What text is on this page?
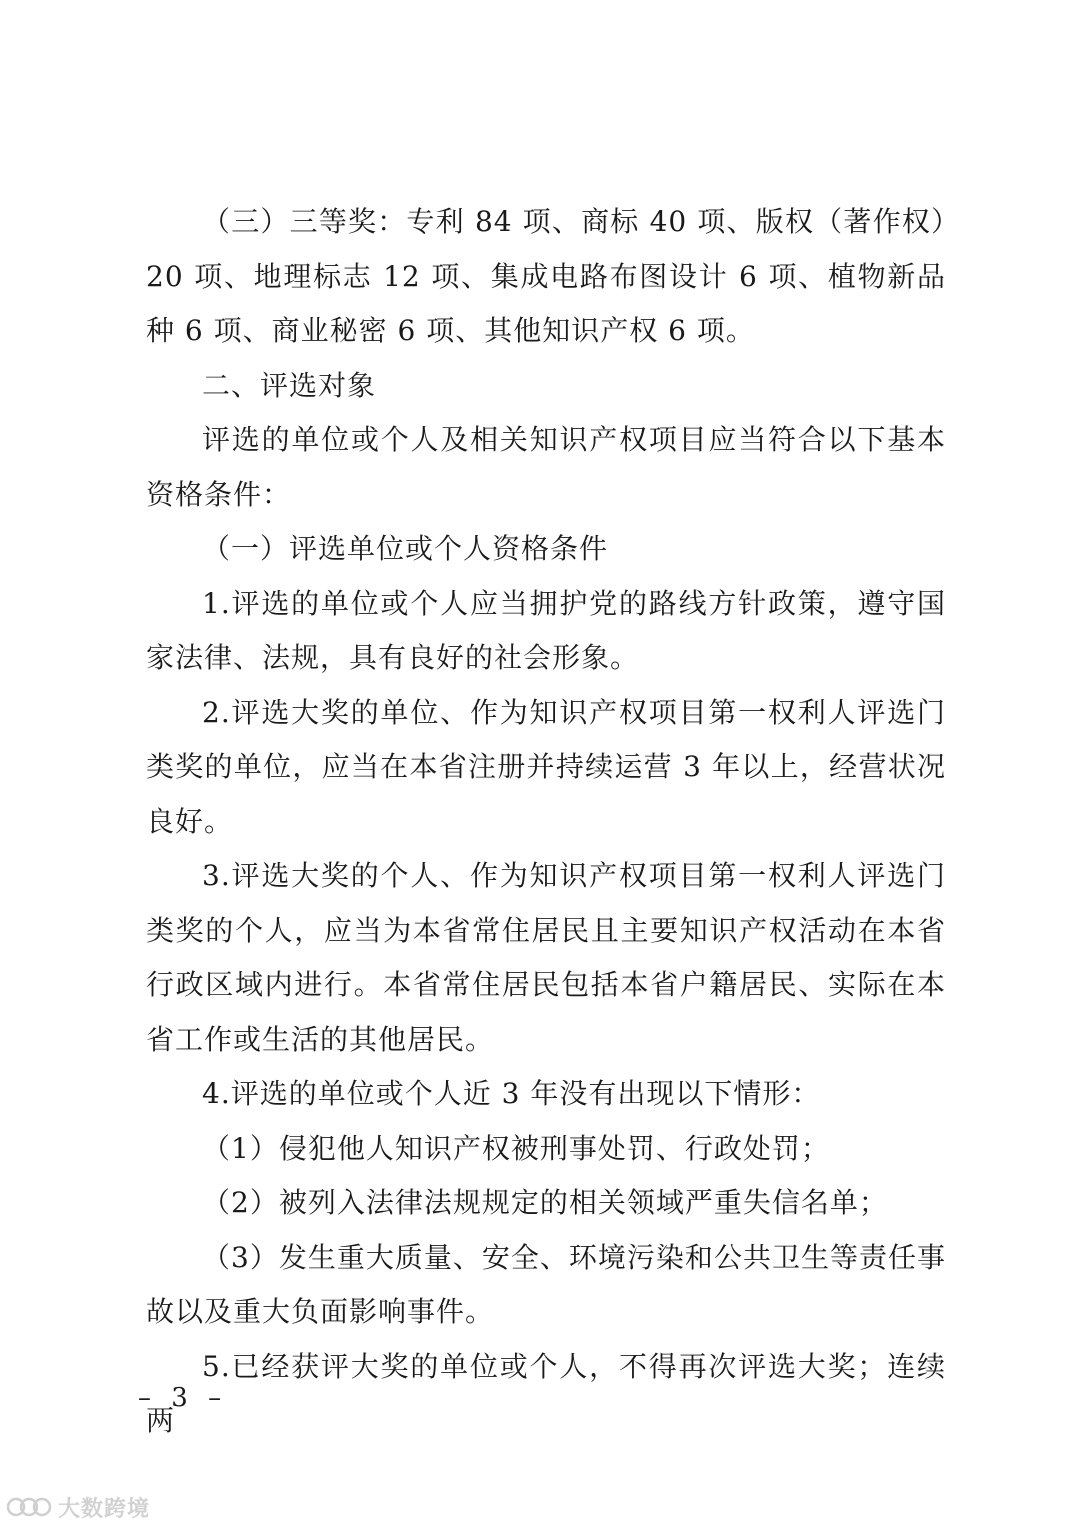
（三）三等奖：专利 84 项、商标 40 项、版权（著作权）20 项、地理标志 12 项、集成电路布图设计 6 项、植物新品种 6 项、商业秘密 6 项、其他知识产权 6 项。

二、评选对象

评选的单位或个人及相关知识产权项目应当符合以下基本资格条件：

（一）评选单位或个人资格条件

1.评选的单位或个人应当拥护党的路线方针政策，遵守国家法律、法规，具有良好的社会形象。

2.评选大奖的单位、作为知识产权项目第一权利人评选门类奖的单位，应当在本省注册并持续运营 3 年以上，经营状况良好。

3.评选大奖的个人、作为知识产权项目第一权利人评选门类奖的个人，应当为本省常住居民且主要知识产权活动在本省行政区域内进行。本省常住居民包括本省户籍居民、实际在本省工作或生活的其他居民。

4.评选的单位或个人近 3 年没有出现以下情形：

（1）侵犯他人知识产权被刑事处罚、行政处罚；

（2）被列入法律法规规定的相关领域严重失信名单；

（3）发生重大质量、安全、环境污染和公共卫生等责任事故以及重大负面影响事件。

5.已经获评大奖的单位或个人，不得再次评选大奖；连续两

– 3 –
大数跨境
